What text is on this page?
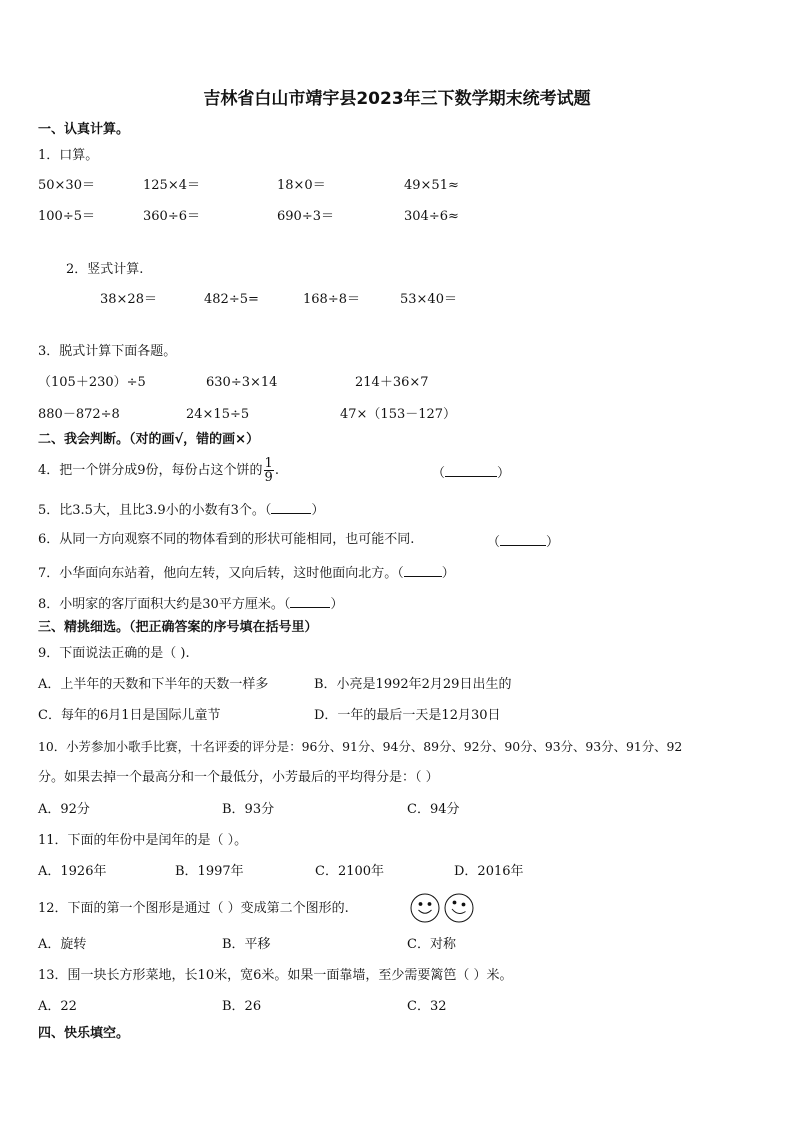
吉林省白山市靖宇县2023年三下数学期末统考试题
一、认真计算。
1．口算。
50×30＝	125×4＝	18×0＝	49×51≈
100÷5＝	360÷6＝	690÷3＝	304÷6≈
2．竖式计算.
38×28＝	482÷5=	168÷8＝	53×40＝
3．脱式计算下面各题。
（105＋230）÷5	630÷3×14	214＋36×7
880－872÷8	24×15÷5	47×（153－127）
二、我会判断。（对的画√，错的画×）
4．把一个饼分成9份，每份占这个饼的 $\frac{1}{9}$ .	（	）
5．比3.5大，且比3.9小的小数有3个。（	）
6．从同一方向观察不同的物体看到的形状可能相同，也可能不同.	（	）
7．小华面向东站着，他向左转，又向后转，这时他面向北方。（	）
8．小明家的客厅面积大约是30平方厘米。（	）
三、精挑细选。（把正确答案的序号填在括号里）
9．下面说法正确的是（ ).
A．上半年的天数和下半年的天数一样多	B．小亮是1992年2月29日出生的
C．每年的6月1日是国际儿童节	D．一年的最后一天是12月30日
10．小芳参加小歌手比赛，十名评委的评分是：96分、91分、94分、89分、92分、90分、93分、93分、91分、92
分。如果去掉一个最高分和一个最低分，小芳最后的平均得分是：（ ）
A．92分	B．93分	C．94分
11．下面的年份中是闰年的是（ ）。
A．1926年	B．1997年	C．2100年	D．2016年
12．下面的第一个图形是通过（ ）变成第二个图形的.
A．旋转	B．平移	C．对称
13．围一块长方形菜地，长10米，宽6米。如果一面靠墙，至少需要篱笆（ ）米。
A．22	B．26	C．32
四、快乐填空。
